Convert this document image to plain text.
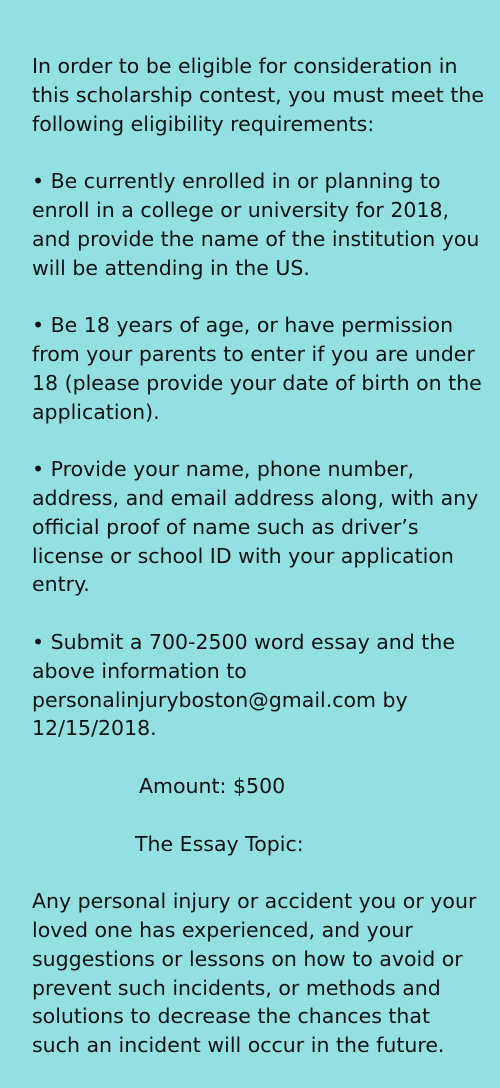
In order to be eligible for consideration in this scholarship contest, you must meet the following eligibility requirements:

• Be currently enrolled in or planning to enroll in a college or university for 2018, and provide the name of the institution you will be attending in the US.

• Be 18 years of age, or have permission from your parents to enter if you are under 18 (please provide your date of birth on the application).

• Provide your name, phone number, address, and email address along, with any official proof of name such as driver’s license or school ID with your application entry.

• Submit a 700-2500 word essay and the above information to personalinjuryboston@gmail.com by 12/15/2018.

Amount: $500

The Essay Topic:

Any personal injury or accident you or your loved one has experienced, and your suggestions or lessons on how to avoid or prevent such incidents, or methods and solutions to decrease the chances that such an incident will occur in the future.
